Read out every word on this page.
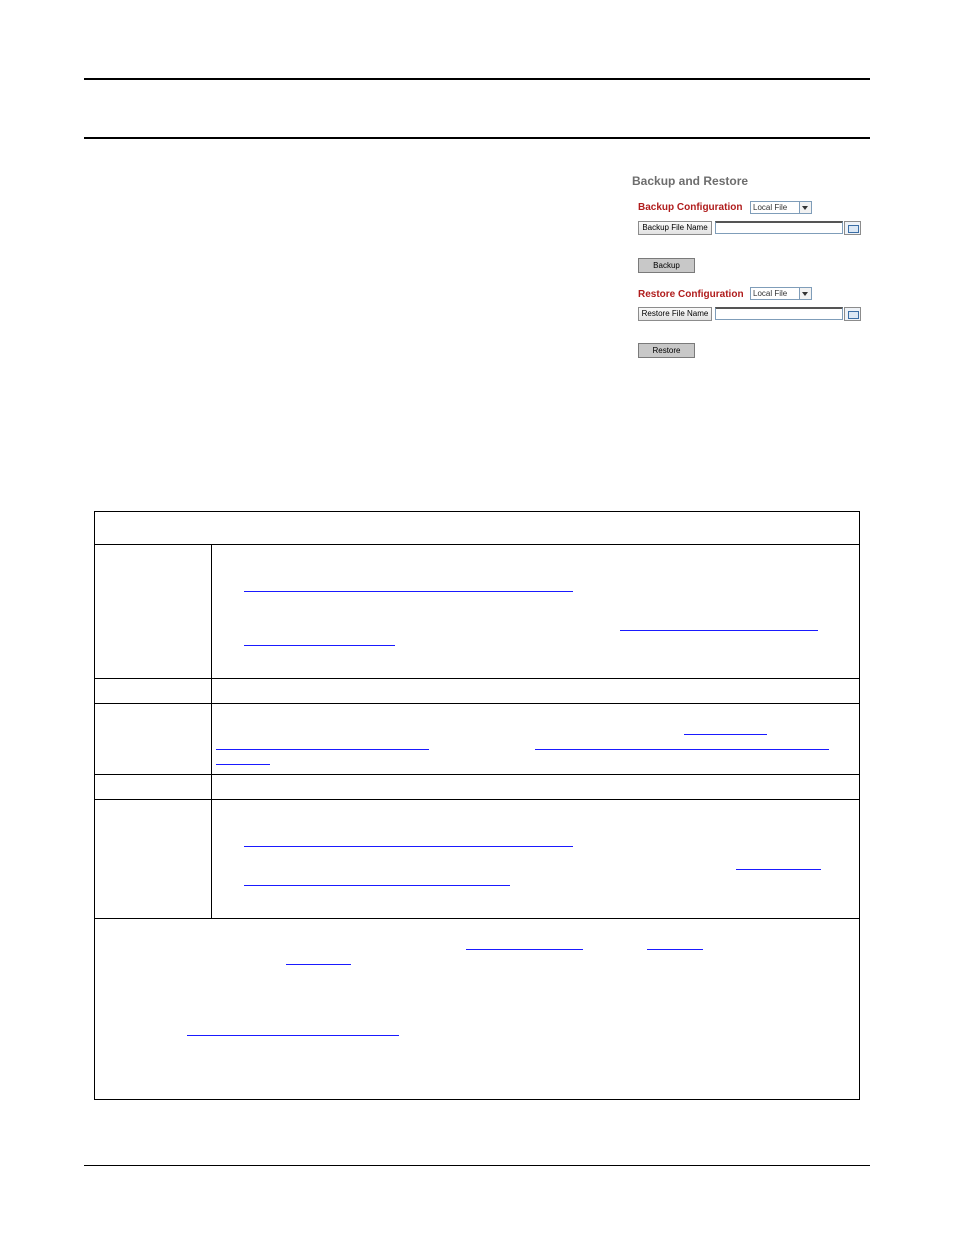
Backup and Restore
Backup Configuration Local File
Backup File Name
Backup
Restore Configuration Local File
Restore File Name
Restore
